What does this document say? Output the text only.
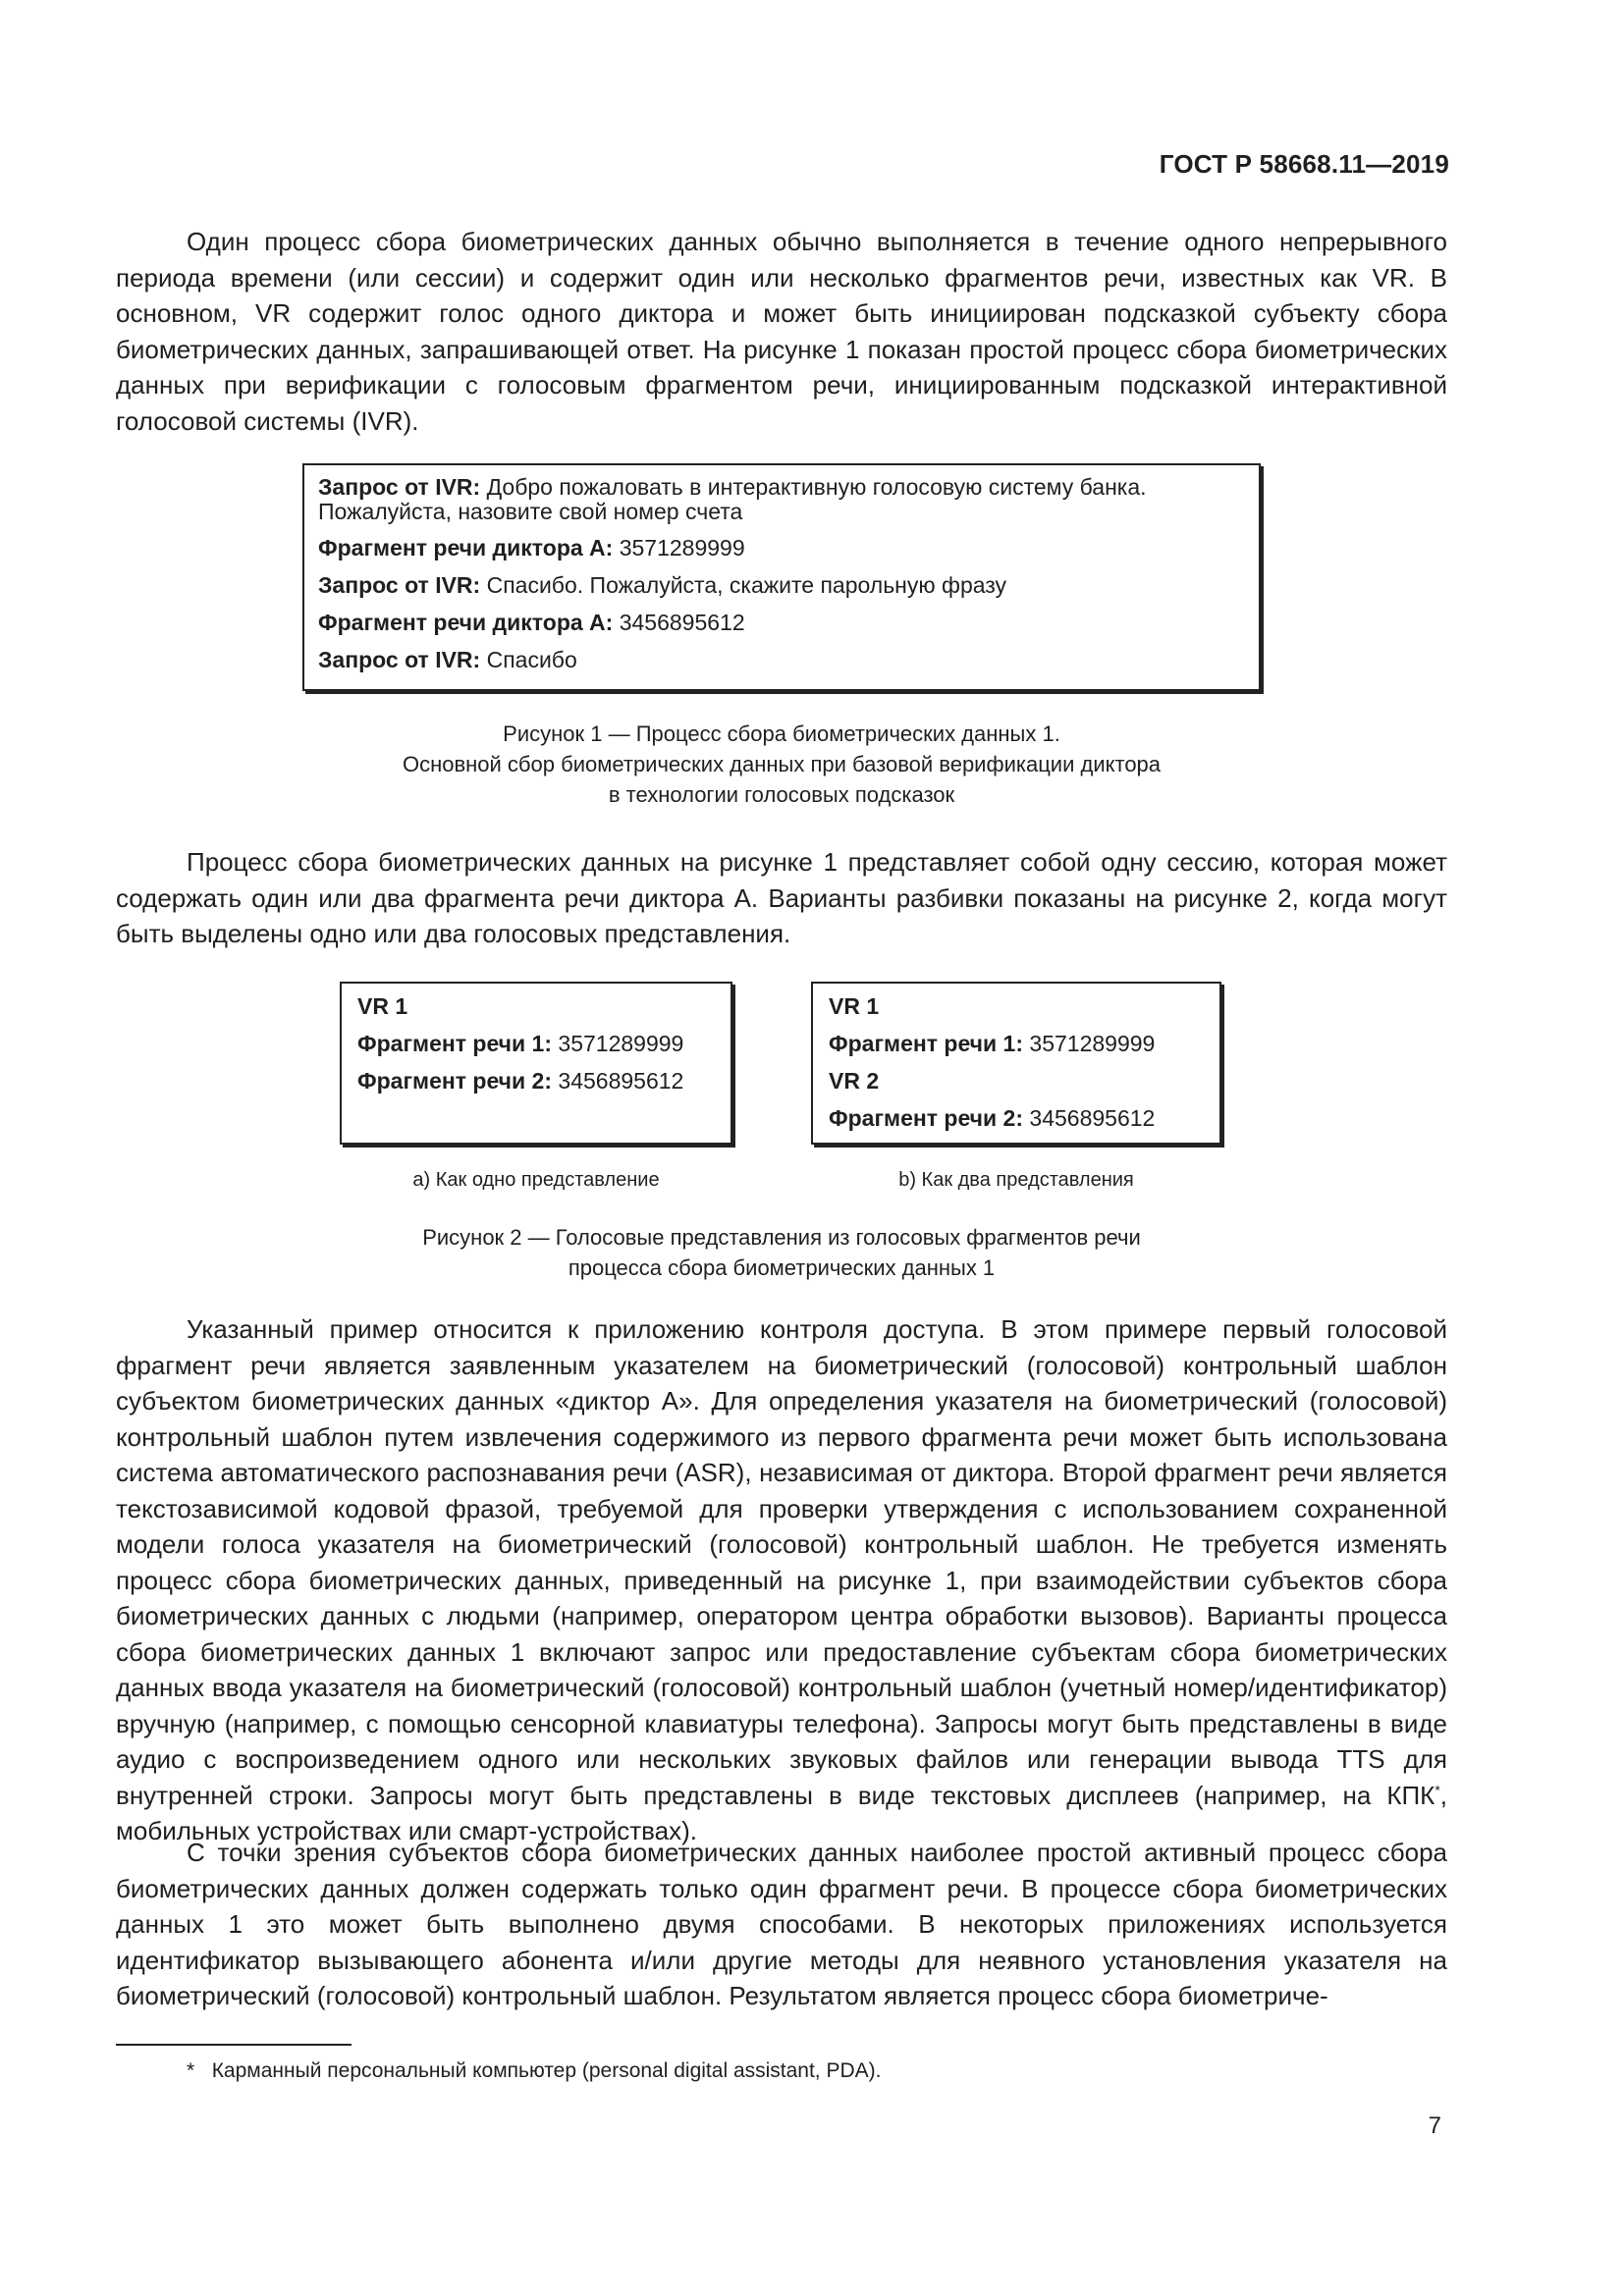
ГОСТ Р 58668.11—2019

Один процесс сбора биометрических данных обычно выполняется в течение одного непрерывного периода времени (или сессии) и содержит один или несколько фрагментов речи, известных как VR. В основном, VR содержит голос одного диктора и может быть инициирован подсказкой субъекту сбора биометрических данных, запрашивающей ответ. На рисунке 1 показан простой процесс сбора биометрических данных при верификации с голосовым фрагментом речи, инициированным подсказкой интерактивной голосовой системы (IVR).

Запрос от IVR: Добро пожаловать в интерактивную голосовую систему банка.
Пожалуйста, назовите свой номер счета
Фрагмент речи диктора А: 3571289999
Запрос от IVR: Спасибо. Пожалуйста, скажите парольную фразу
Фрагмент речи диктора А: 3456895612
Запрос от IVR: Спасибо
Рисунок 1 — Процесс сбора биометрических данных 1.
Основной сбор биометрических данных при базовой верификации диктора
в технологии голосовых подсказок

Процесс сбора биометрических данных на рисунке 1 представляет собой одну сессию, которая может содержать один или два фрагмента речи диктора А. Варианты разбивки показаны на рисунке 2, когда могут быть выделены одно или два голосовых представления.

VR 1
Фрагмент речи 1: 3571289999
Фрагмент речи 2: 3456895612
VR 1
Фрагмент речи 1: 3571289999
VR 2
Фрагмент речи 2: 3456895612
а) Как одно представление	b) Как два представления
Рисунок 2 — Голосовые представления из голосовых фрагментов речи
процесса сбора биометрических данных 1

Указанный пример относится к приложению контроля доступа. В этом примере первый голосовой фрагмент речи является заявленным указателем на биометрический (голосовой) контрольный шаблон субъектом биометрических данных «диктор А». Для определения указателя на биометрический (голосовой) контрольный шаблон путем извлечения содержимого из первого фрагмента речи может быть использована система автоматического распознавания речи (ASR), независимая от диктора. Второй фрагмент речи является текстозависимой кодовой фразой, требуемой для проверки утверждения с использованием сохраненной модели голоса указателя на биометрический (голосовой) контрольный шаблон. Не требуется изменять процесс сбора биометрических данных, приведенный на рисунке 1, при взаимодействии субъектов сбора биометрических данных с людьми (например, оператором центра обработки вызовов). Варианты процесса сбора биометрических данных 1 включают запрос или предоставление субъектам сбора биометрических данных ввода указателя на биометрический (голосовой) контрольный шаблон (учетный номер/идентификатор) вручную (например, с помощью сенсорной клавиатуры телефона). Запросы могут быть представлены в виде аудио с воспроизведением одного или нескольких звуковых файлов или генерации вывода TTS для внутренней строки. Запросы могут быть представлены в виде текстовых дисплеев (например, на КПК*, мобильных устройствах или смарт-устройствах).

С точки зрения субъектов сбора биометрических данных наиболее простой активный процесс сбора биометрических данных должен содержать только один фрагмент речи. В процессе сбора биометрических данных 1 это может быть выполнено двумя способами. В некоторых приложениях используется идентификатор вызывающего абонента и/или другие методы для неявного установления указателя на биометрический (голосовой) контрольный шаблон. Результатом является процесс сбора биометриче-

* Карманный персональный компьютер (personal digital assistant, PDA).
7
